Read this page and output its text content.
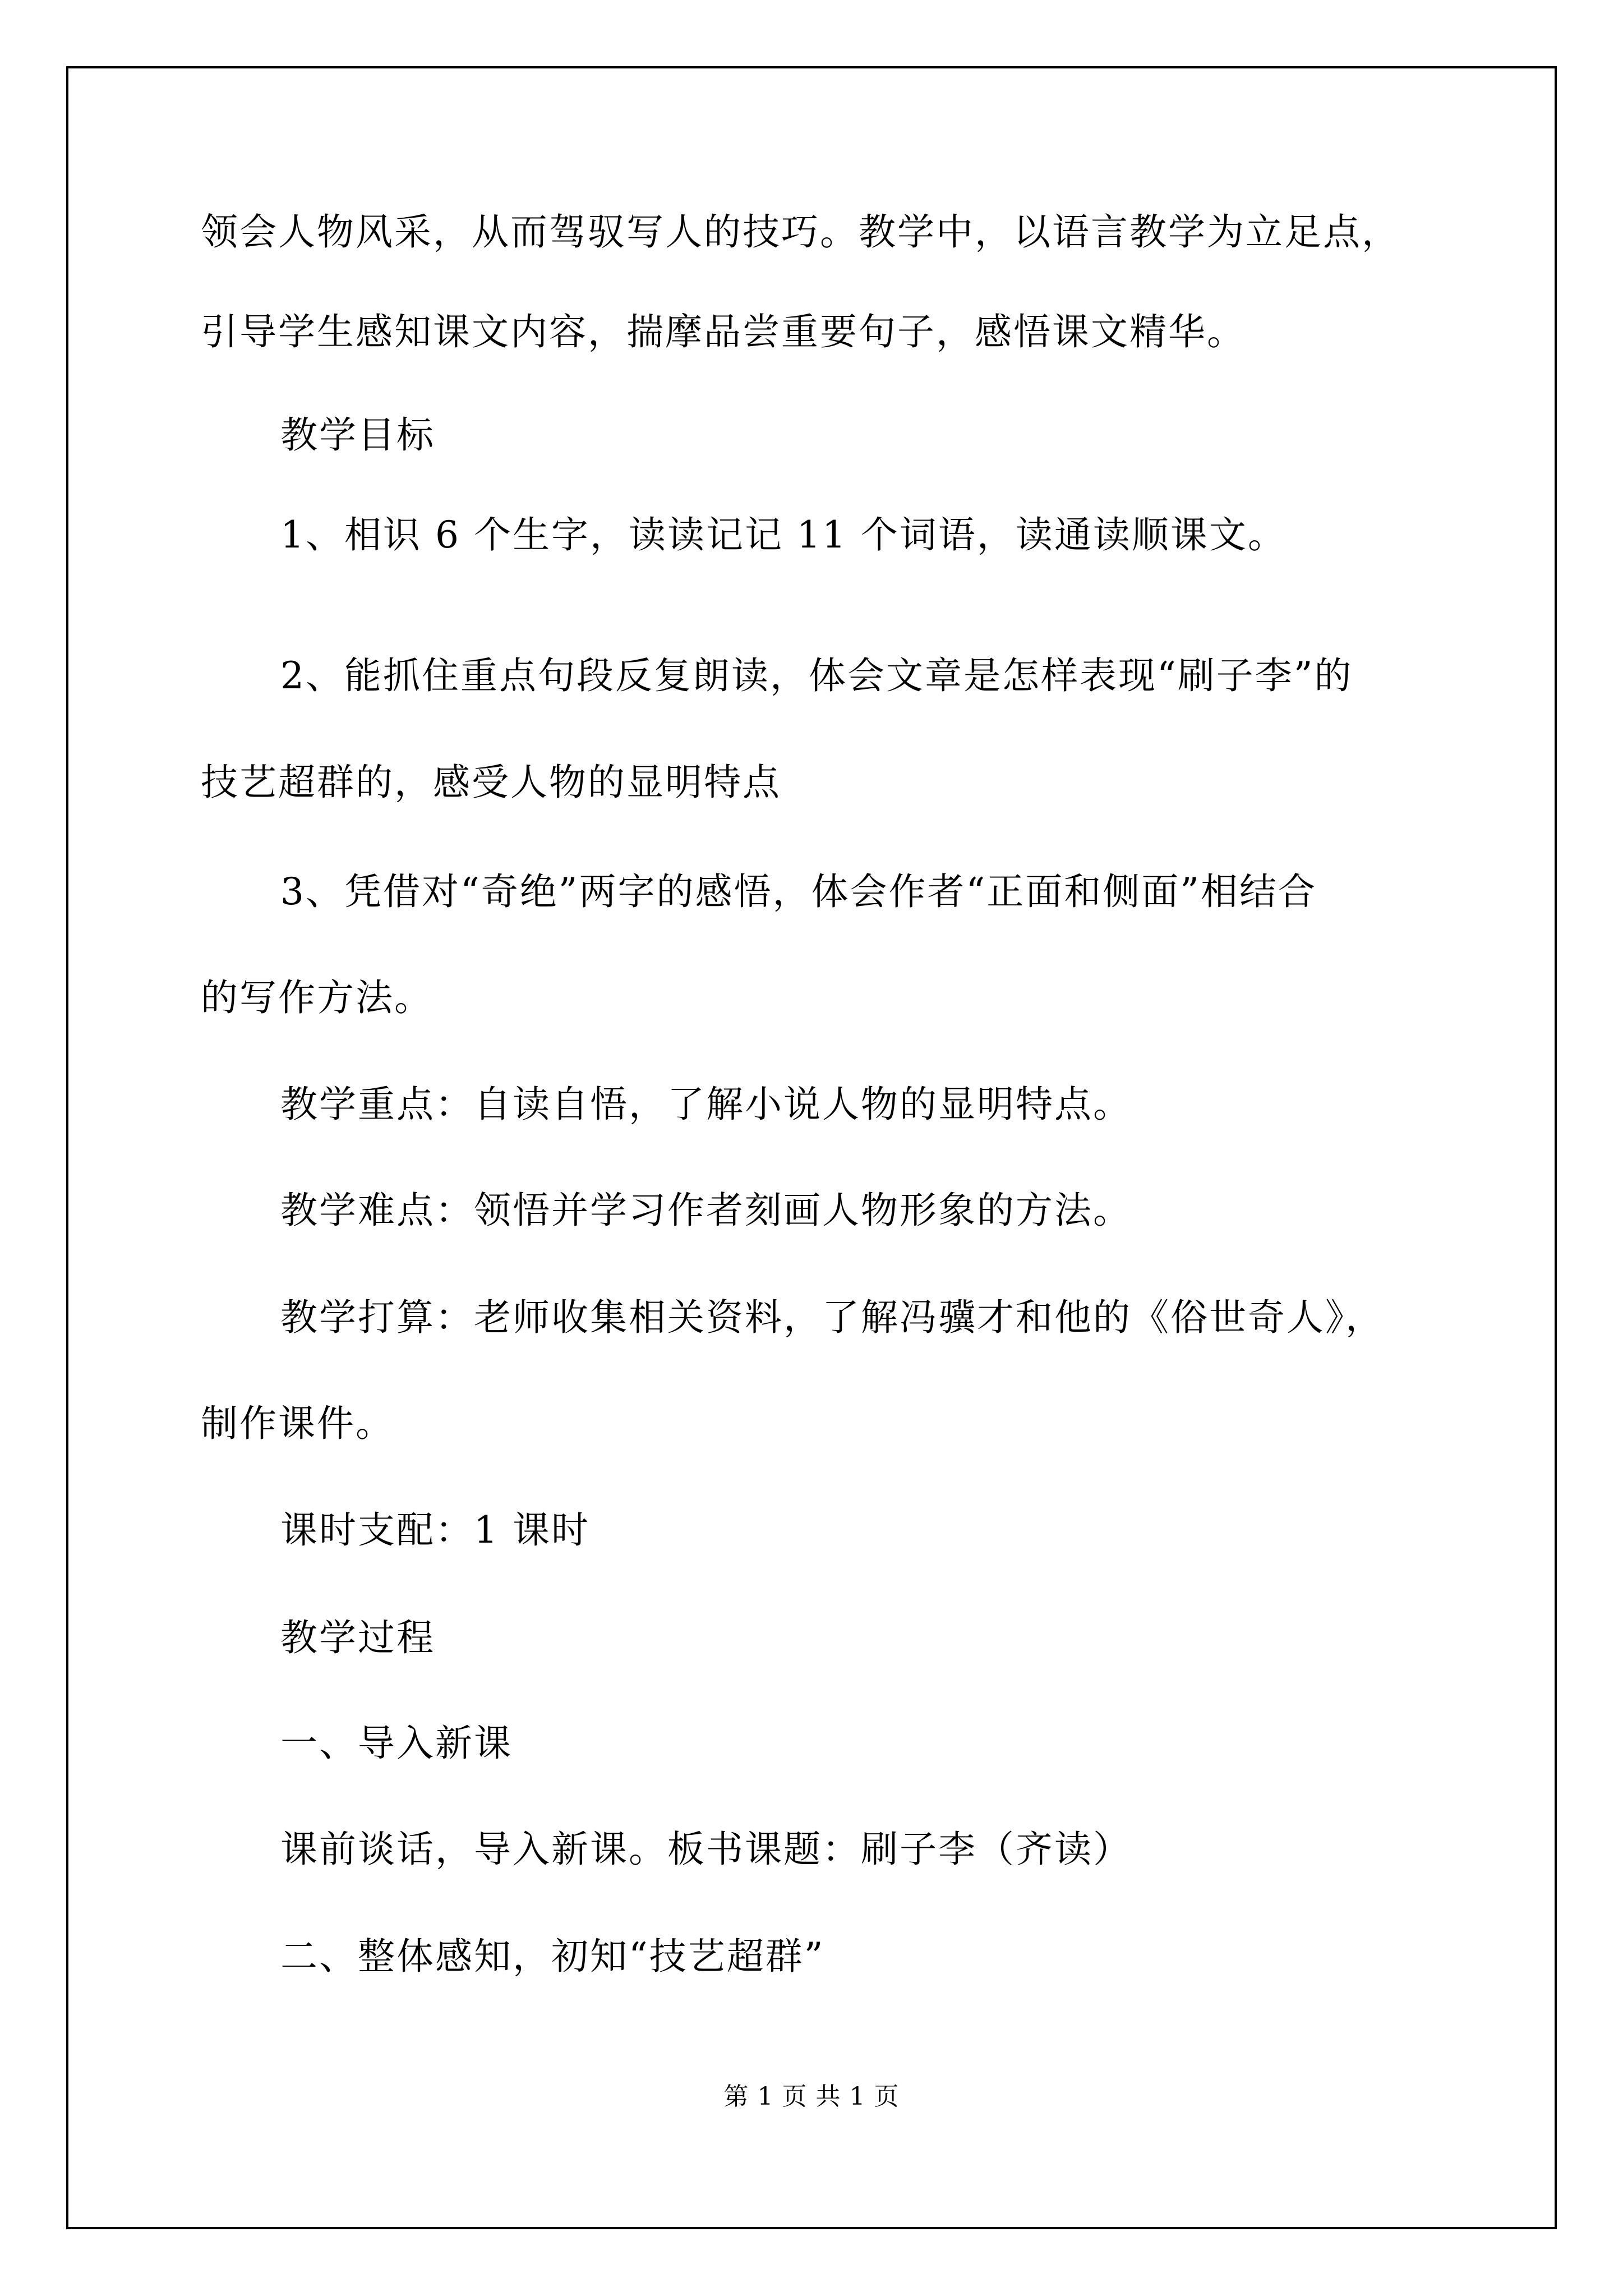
领会人物风采，从而驾驭写人的技巧。教学中，以语言教学为立足点，
引导学生感知课文内容，揣摩品尝重要句子，感悟课文精华。
教学目标
1、相识 6 个生字，读读记记 11 个词语，读通读顺课文。
2、能抓住重点句段反复朗读，体会文章是怎样表现“刷子李”的
技艺超群的，感受人物的显明特点
3、凭借对“奇绝”两字的感悟，体会作者“正面和侧面”相结合
的写作方法。
教学重点：自读自悟，了解小说人物的显明特点。
教学难点：领悟并学习作者刻画人物形象的方法。
教学打算：老师收集相关资料，了解冯骥才和他的《俗世奇人》，
制作课件。
课时支配：1 课时
教学过程
一、导入新课
课前谈话，导入新课。板书课题：刷子李（齐读）
二、整体感知，初知“技艺超群”
第 1 页 共 1 页
